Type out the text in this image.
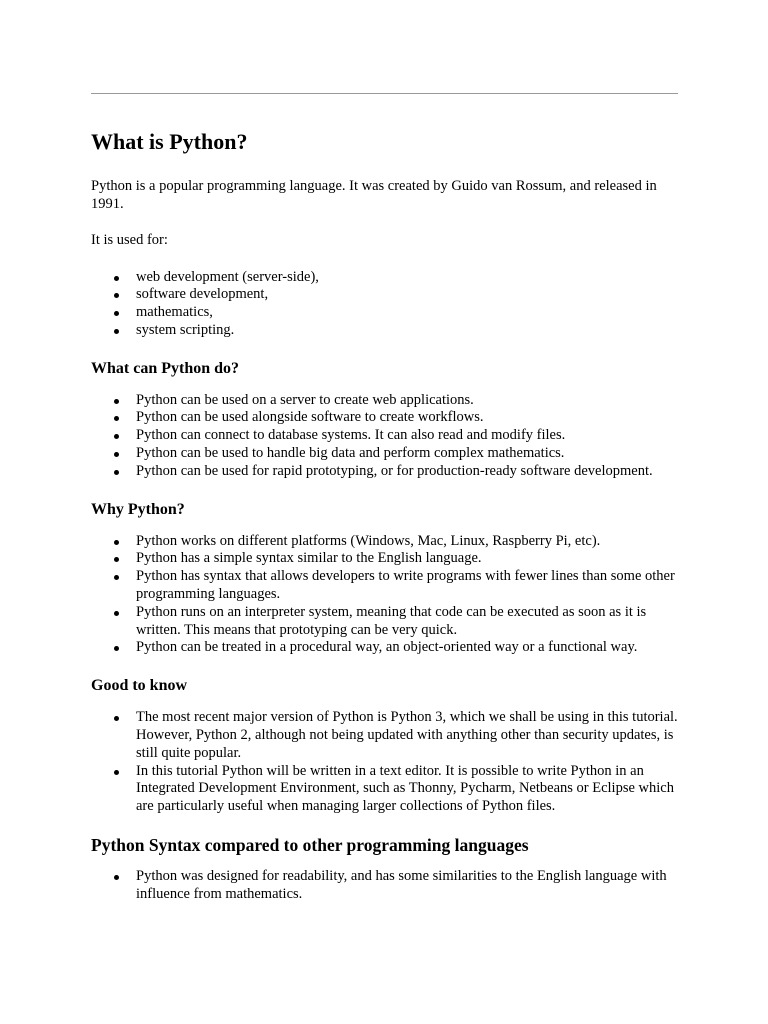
What is Python?

Python is a popular programming language. It was created by Guido van Rossum, and released in 1991.

It is used for:

web development (server-side),
software development,
mathematics,
system scripting.
What can Python do?
Python can be used on a server to create web applications.
Python can be used alongside software to create workflows.
Python can connect to database systems. It can also read and modify files.
Python can be used to handle big data and perform complex mathematics.
Python can be used for rapid prototyping, or for production-ready software development.
Why Python?
Python works on different platforms (Windows, Mac, Linux, Raspberry Pi, etc).
Python has a simple syntax similar to the English language.
Python has syntax that allows developers to write programs with fewer lines than some other programming languages.
Python runs on an interpreter system, meaning that code can be executed as soon as it is written. This means that prototyping can be very quick.
Python can be treated in a procedural way, an object-oriented way or a functional way.
Good to know
The most recent major version of Python is Python 3, which we shall be using in this tutorial. However, Python 2, although not being updated with anything other than security updates, is still quite popular.
In this tutorial Python will be written in a text editor. It is possible to write Python in an Integrated Development Environment, such as Thonny, Pycharm, Netbeans or Eclipse which are particularly useful when managing larger collections of Python files.
Python Syntax compared to other programming languages
Python was designed for readability, and has some similarities to the English language with influence from mathematics.
